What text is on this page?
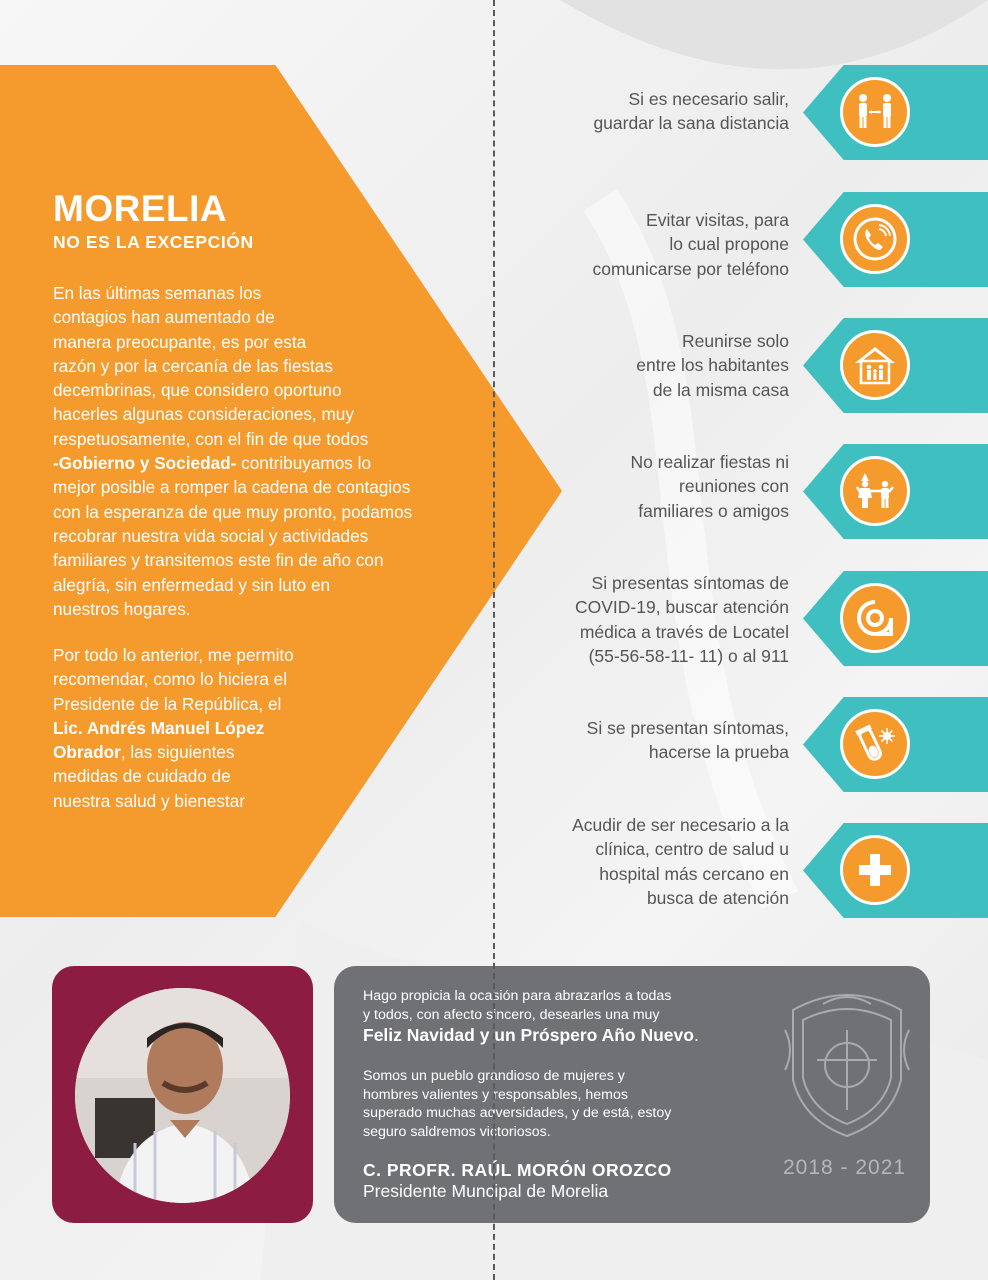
MORELIA
NO ES LA EXCEPCIÓN
En las últimas semanas los
contagios han aumentado de
manera preocupante, es por esta
razón y por la cercanía de las fiestas
decembrinas, que considero oportuno
hacerles algunas consideraciones, muy
respetuosamente, con el fin de que todos
-Gobierno y Sociedad- contribuyamos lo
mejor posible a romper la cadena de contagios
con la esperanza de que muy pronto, podamos
recobrar nuestra vida social y actividades
familiares y transitemos este fin de año con
alegría, sin enfermedad y sin luto en
nuestros hogares.
Por todo lo anterior, me permito
recomendar, como lo hiciera el
Presidente de la República, el
Lic. Andrés Manuel López
Obrador, las siguientes
medidas de cuidado de
nuestra salud y bienestar
Si es necesario salir,
guardar la sana distancia
Evitar visitas, para
lo cual propone
comunicarse por teléfono
Reunirse solo
entre los habitantes
de la misma casa
No realizar fiestas ni
reuniones con
familiares o amigos
Si presentas síntomas de
COVID-19, buscar atención
médica a través de Locatel
(55-56-58-11- 11) o al 911
Si se presentan síntomas,
hacerse la prueba
Acudir de ser necesario a la
clínica, centro de salud u
hospital más cercano en
busca de atención
Hago propicia la ocasión para abrazarlos a todas
y todos, con afecto sincero, desearles una muy
Feliz Navidad y un Próspero Año Nuevo.
Somos un pueblo grandioso de mujeres y
hombres valientes y responsables, hemos
superado muchas adversidades, y de está, estoy
seguro saldremos victoriosos.
C. PROFR. RAÚL MORÓN OROZCO
Presidente Muncipal de Morelia
2018 - 2021
